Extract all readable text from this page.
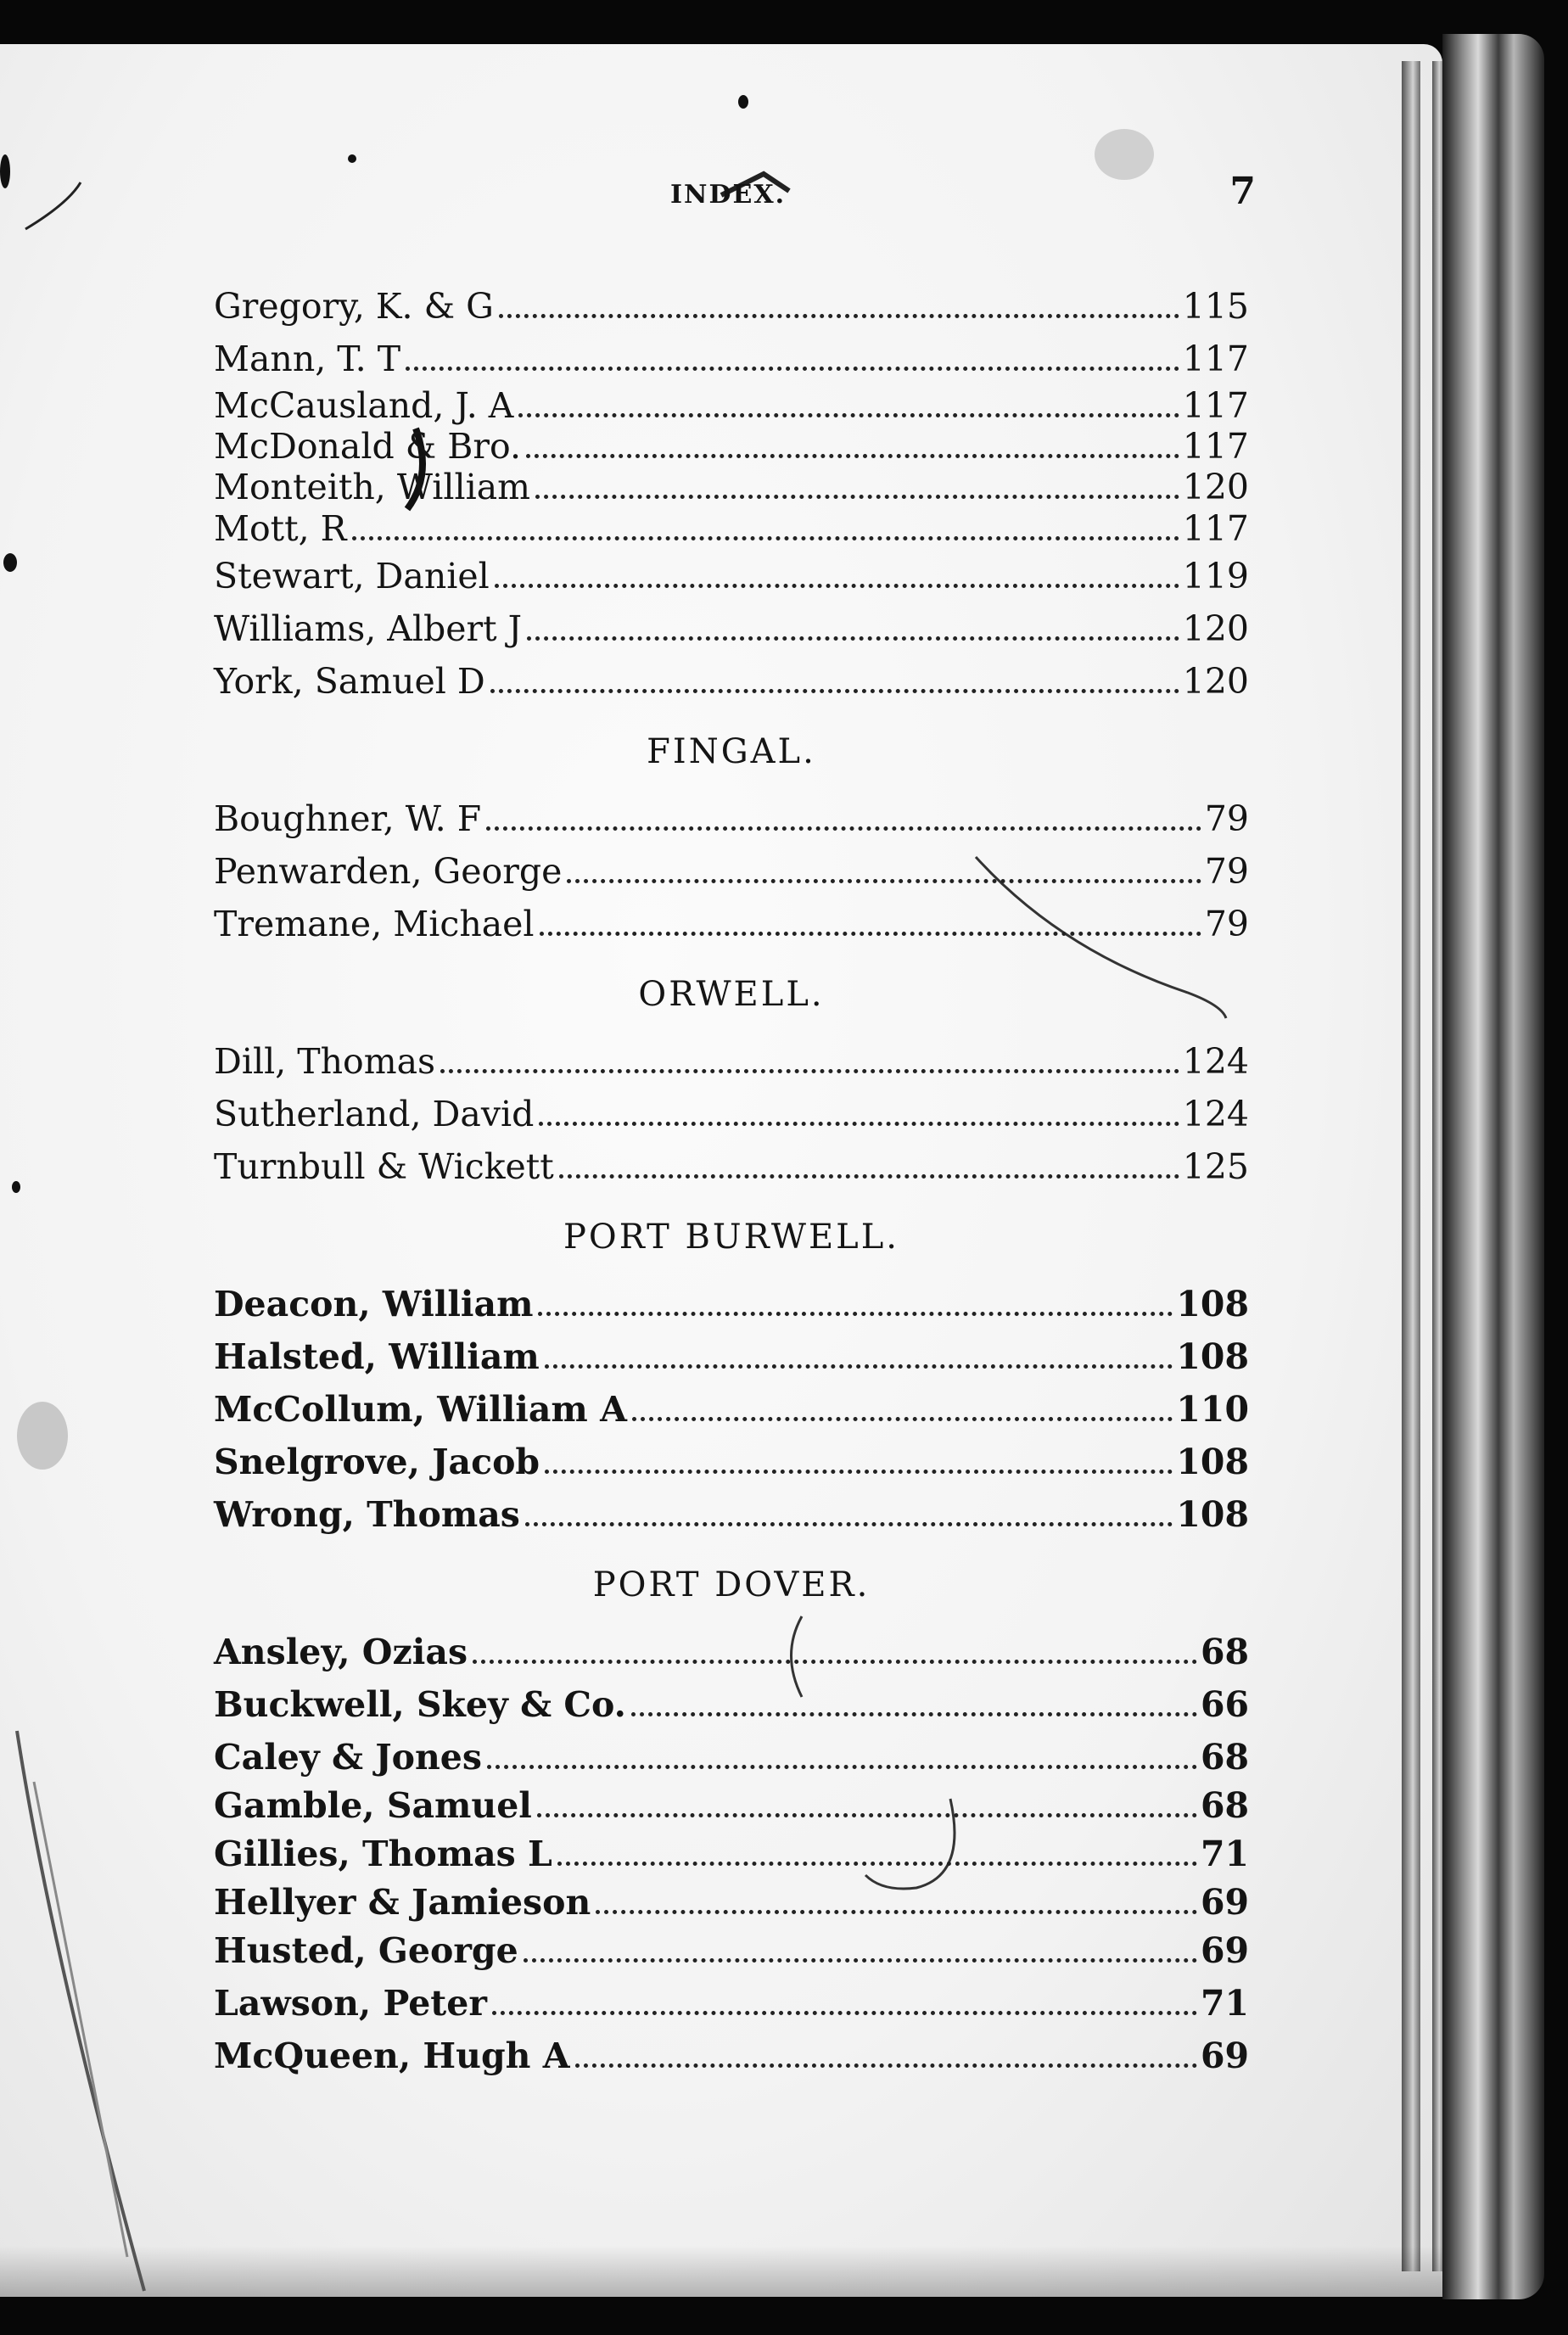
INDEX.	7
Gregory, K. & G	115
Mann, T. T	117
McCausland, J. A	117
McDonald & Bro.	117
Monteith, William	120
Mott, R	117
Stewart, Daniel	119
Williams, Albert J	120
York, Samuel D	120
FINGAL.
Boughner, W. F	79
Penwarden, George	79
Tremane, Michael	79
ORWELL.
Dill, Thomas	124
Sutherland, David	124
Turnbull & Wickett	125
PORT BURWELL.
Deacon, William	108
Halsted, William	108
McCollum, William A	110
Snelgrove, Jacob	108
Wrong, Thomas	108
PORT DOVER.
Ansley, Ozias	68
Buckwell, Skey & Co.	66
Caley & Jones	68
Gamble, Samuel	68
Gillies, Thomas L	71
Hellyer & Jamieson	69
Husted, George	69
Lawson, Peter	71
McQueen, Hugh A	69
